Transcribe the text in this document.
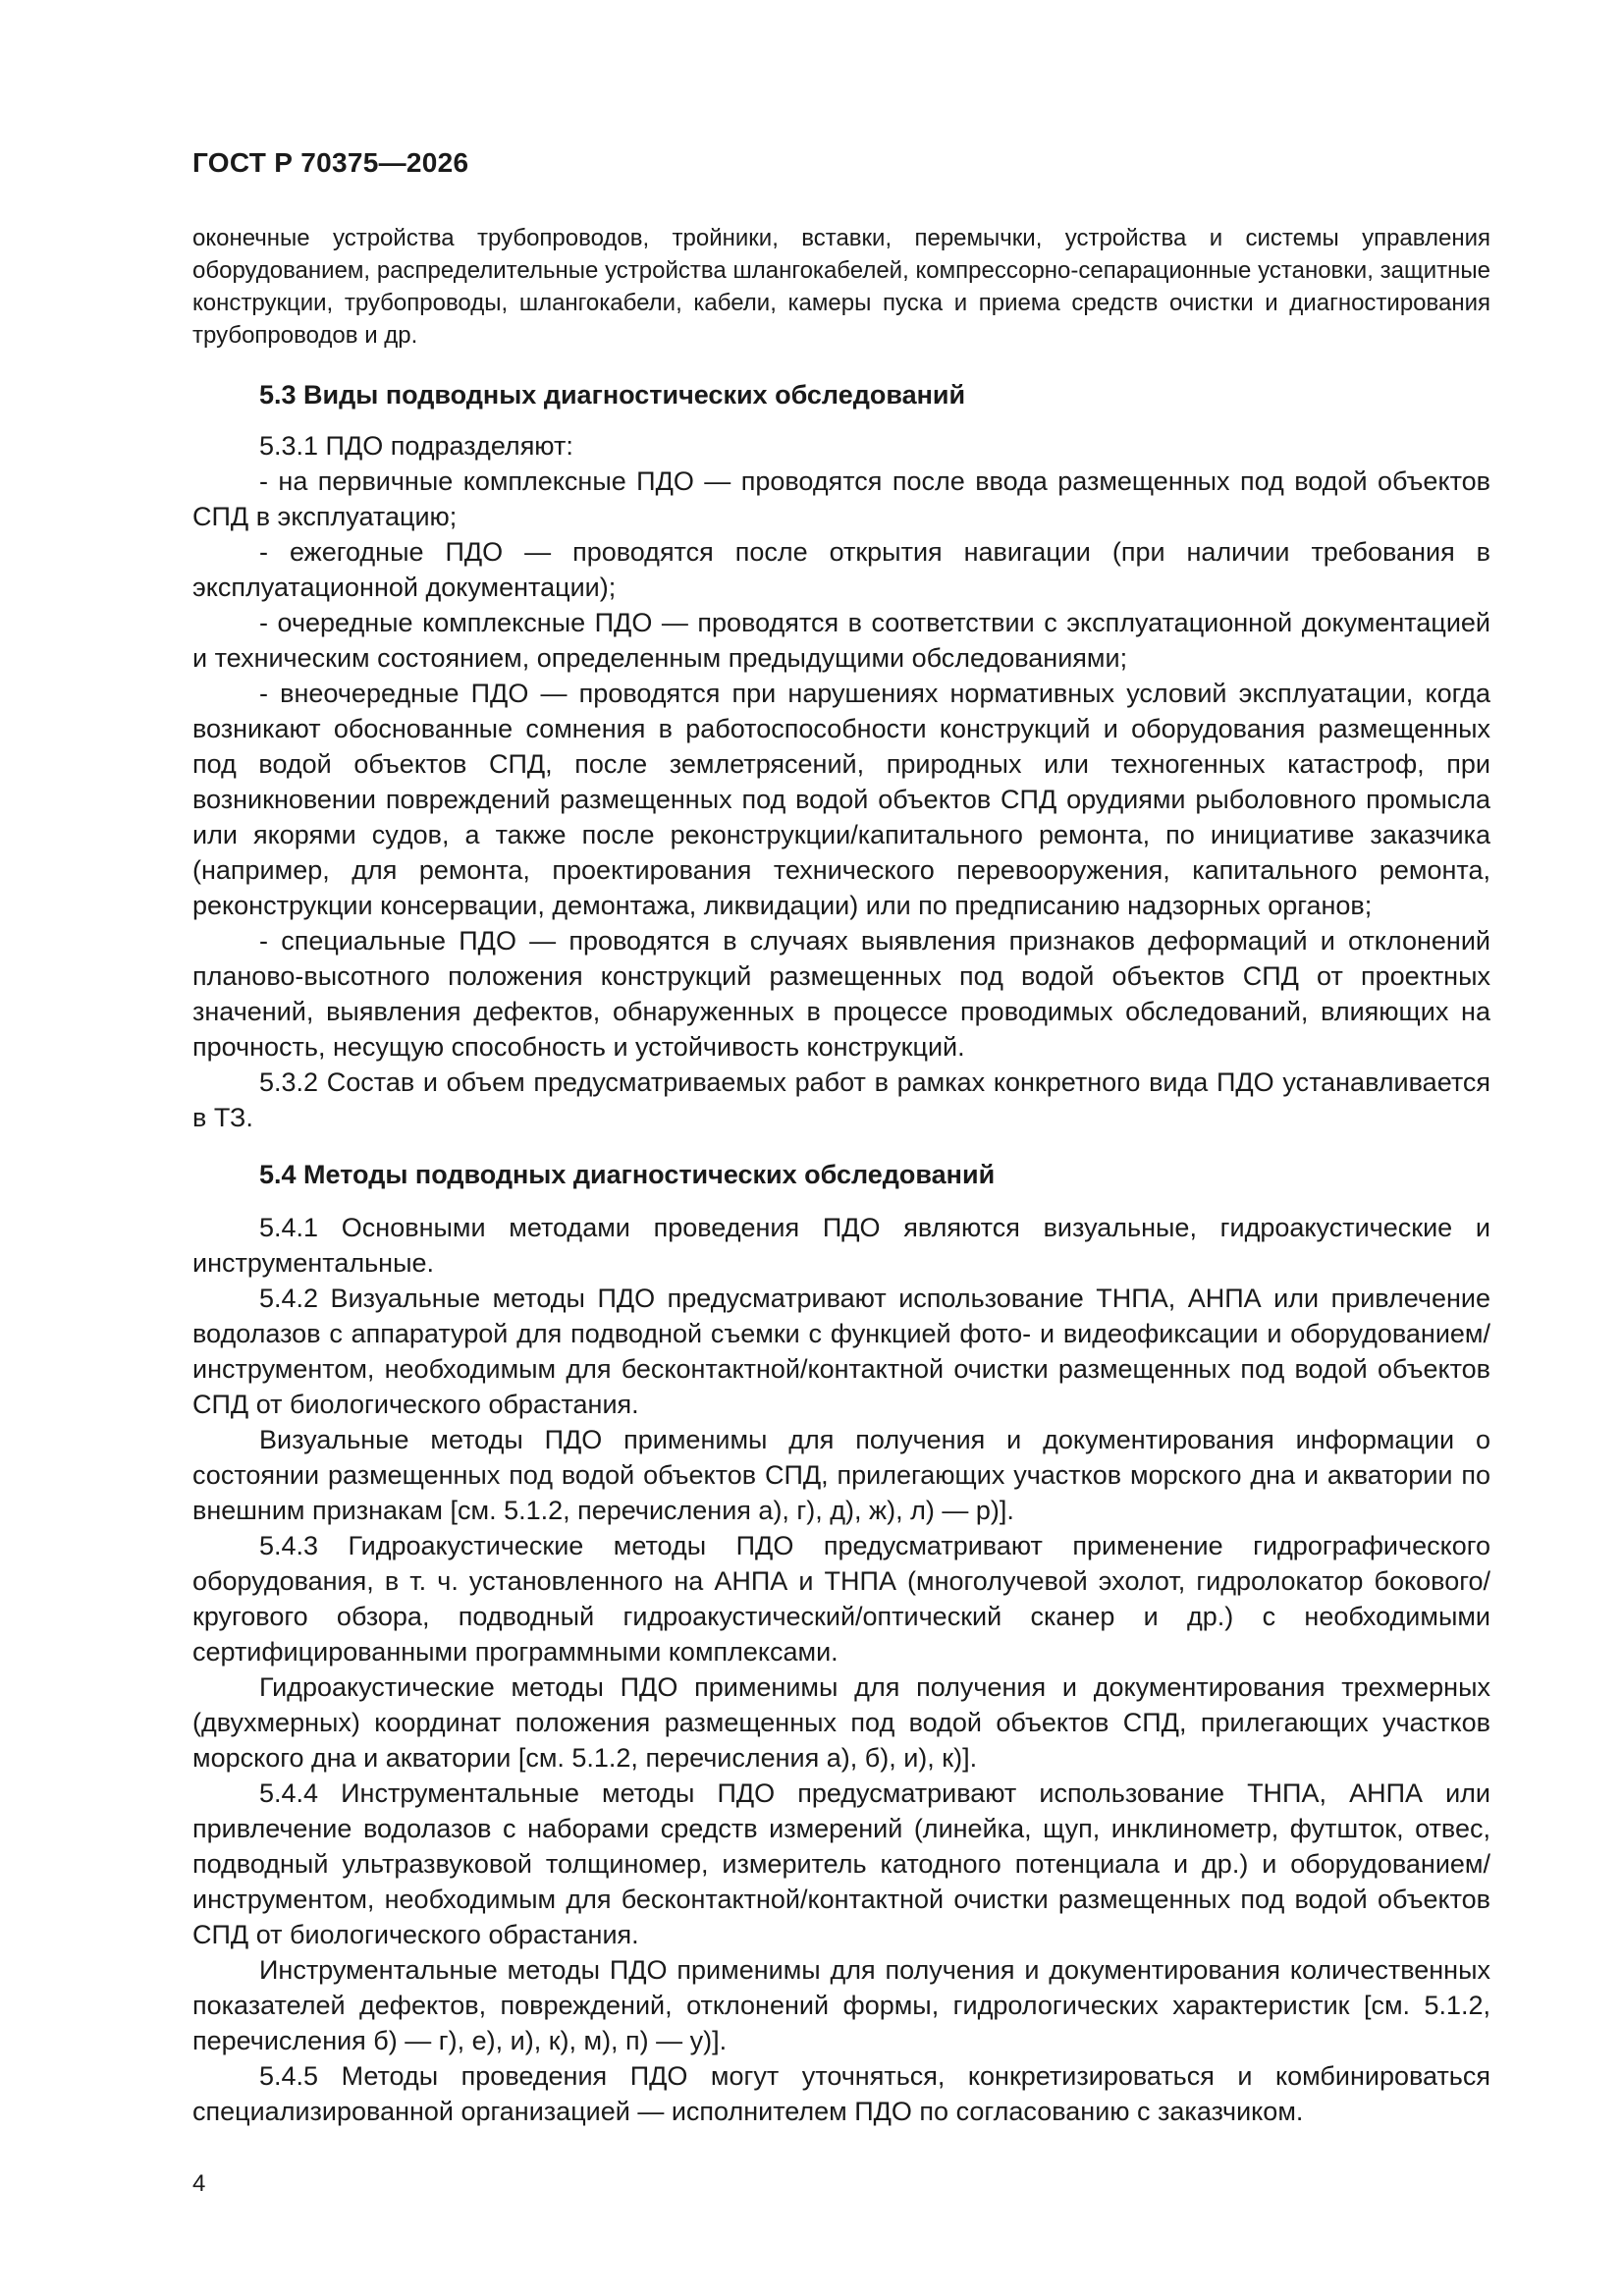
ГОСТ Р 70375—2026

оконечные устройства трубопроводов, тройники, вставки, перемычки, устройства и системы управления оборудованием, распределительные устройства шлангокабелей, компрессорно-сепарационные установки, защитные конструкции, трубопроводы, шлангокабели, кабели, камеры пуска и приема средств очистки и диагностирования трубопроводов и др.

5.3 Виды подводных диагностических обследований

5.3.1 ПДО подразделяют:

- на первичные комплексные ПДО — проводятся после ввода размещенных под водой объектов СПД в эксплуатацию;

- ежегодные ПДО — проводятся после открытия навигации (при наличии требования в эксплуатационной документации);

- очередные комплексные ПДО — проводятся в соответствии с эксплуатационной документацией и техническим состоянием, определенным предыдущими обследованиями;

- внеочередные ПДО — проводятся при нарушениях нормативных условий эксплуатации, когда возникают обоснованные сомнения в работоспособности конструкций и оборудования размещенных под водой объектов СПД, после землетрясений, природных или техногенных катастроф, при возникновении повреждений размещенных под водой объектов СПД орудиями рыболовного промысла или якорями судов, а также после реконструкции/капитального ремонта, по инициативе заказчика (например, для ремонта, проектирования технического перевооружения, капитального ремонта, реконструкции консервации, демонтажа, ликвидации) или по предписанию надзорных органов;

- специальные ПДО — проводятся в случаях выявления признаков деформаций и отклонений планово-высотного положения конструкций размещенных под водой объектов СПД от проектных значений, выявления дефектов, обнаруженных в процессе проводимых обследований, влияющих на прочность, несущую способность и устойчивость конструкций.

5.3.2 Состав и объем предусматриваемых работ в рамках конкретного вида ПДО устанавливается в ТЗ.

5.4 Методы подводных диагностических обследований

5.4.1 Основными методами проведения ПДО являются визуальные, гидроакустические и инструментальные.

5.4.2 Визуальные методы ПДО предусматривают использование ТНПА, АНПА или привлечение водолазов с аппаратурой для подводной съемки с функцией фото- и видеофиксации и оборудованием/инструментом, необходимым для бесконтактной/контактной очистки размещенных под водой объектов СПД от биологического обрастания.

Визуальные методы ПДО применимы для получения и документирования информации о состоянии размещенных под водой объектов СПД, прилегающих участков морского дна и акватории по внешним признакам [см. 5.1.2, перечисления а), г), д), ж), л) — р)].

5.4.3 Гидроакустические методы ПДО предусматривают применение гидрографического оборудования, в т. ч. установленного на АНПА и ТНПА (многолучевой эхолот, гидролокатор бокового/кругового обзора, подводный гидроакустический/оптический сканер и др.) с необходимыми сертифицированными программными комплексами.

Гидроакустические методы ПДО применимы для получения и документирования трехмерных (двухмерных) координат положения размещенных под водой объектов СПД, прилегающих участков морского дна и акватории [см. 5.1.2, перечисления а), б), и), к)].

5.4.4 Инструментальные методы ПДО предусматривают использование ТНПА, АНПА или привлечение водолазов с наборами средств измерений (линейка, щуп, инклинометр, футшток, отвес, подводный ультразвуковой толщиномер, измеритель катодного потенциала и др.) и оборудованием/инструментом, необходимым для бесконтактной/контактной очистки размещенных под водой объектов СПД от биологического обрастания.

Инструментальные методы ПДО применимы для получения и документирования количественных показателей дефектов, повреждений, отклонений формы, гидрологических характеристик [см. 5.1.2, перечисления б) — г), е), и), к), м), п) — у)].

5.4.5 Методы проведения ПДО могут уточняться, конкретизироваться и комбинироваться специализированной организацией — исполнителем ПДО по согласованию с заказчиком.

4
